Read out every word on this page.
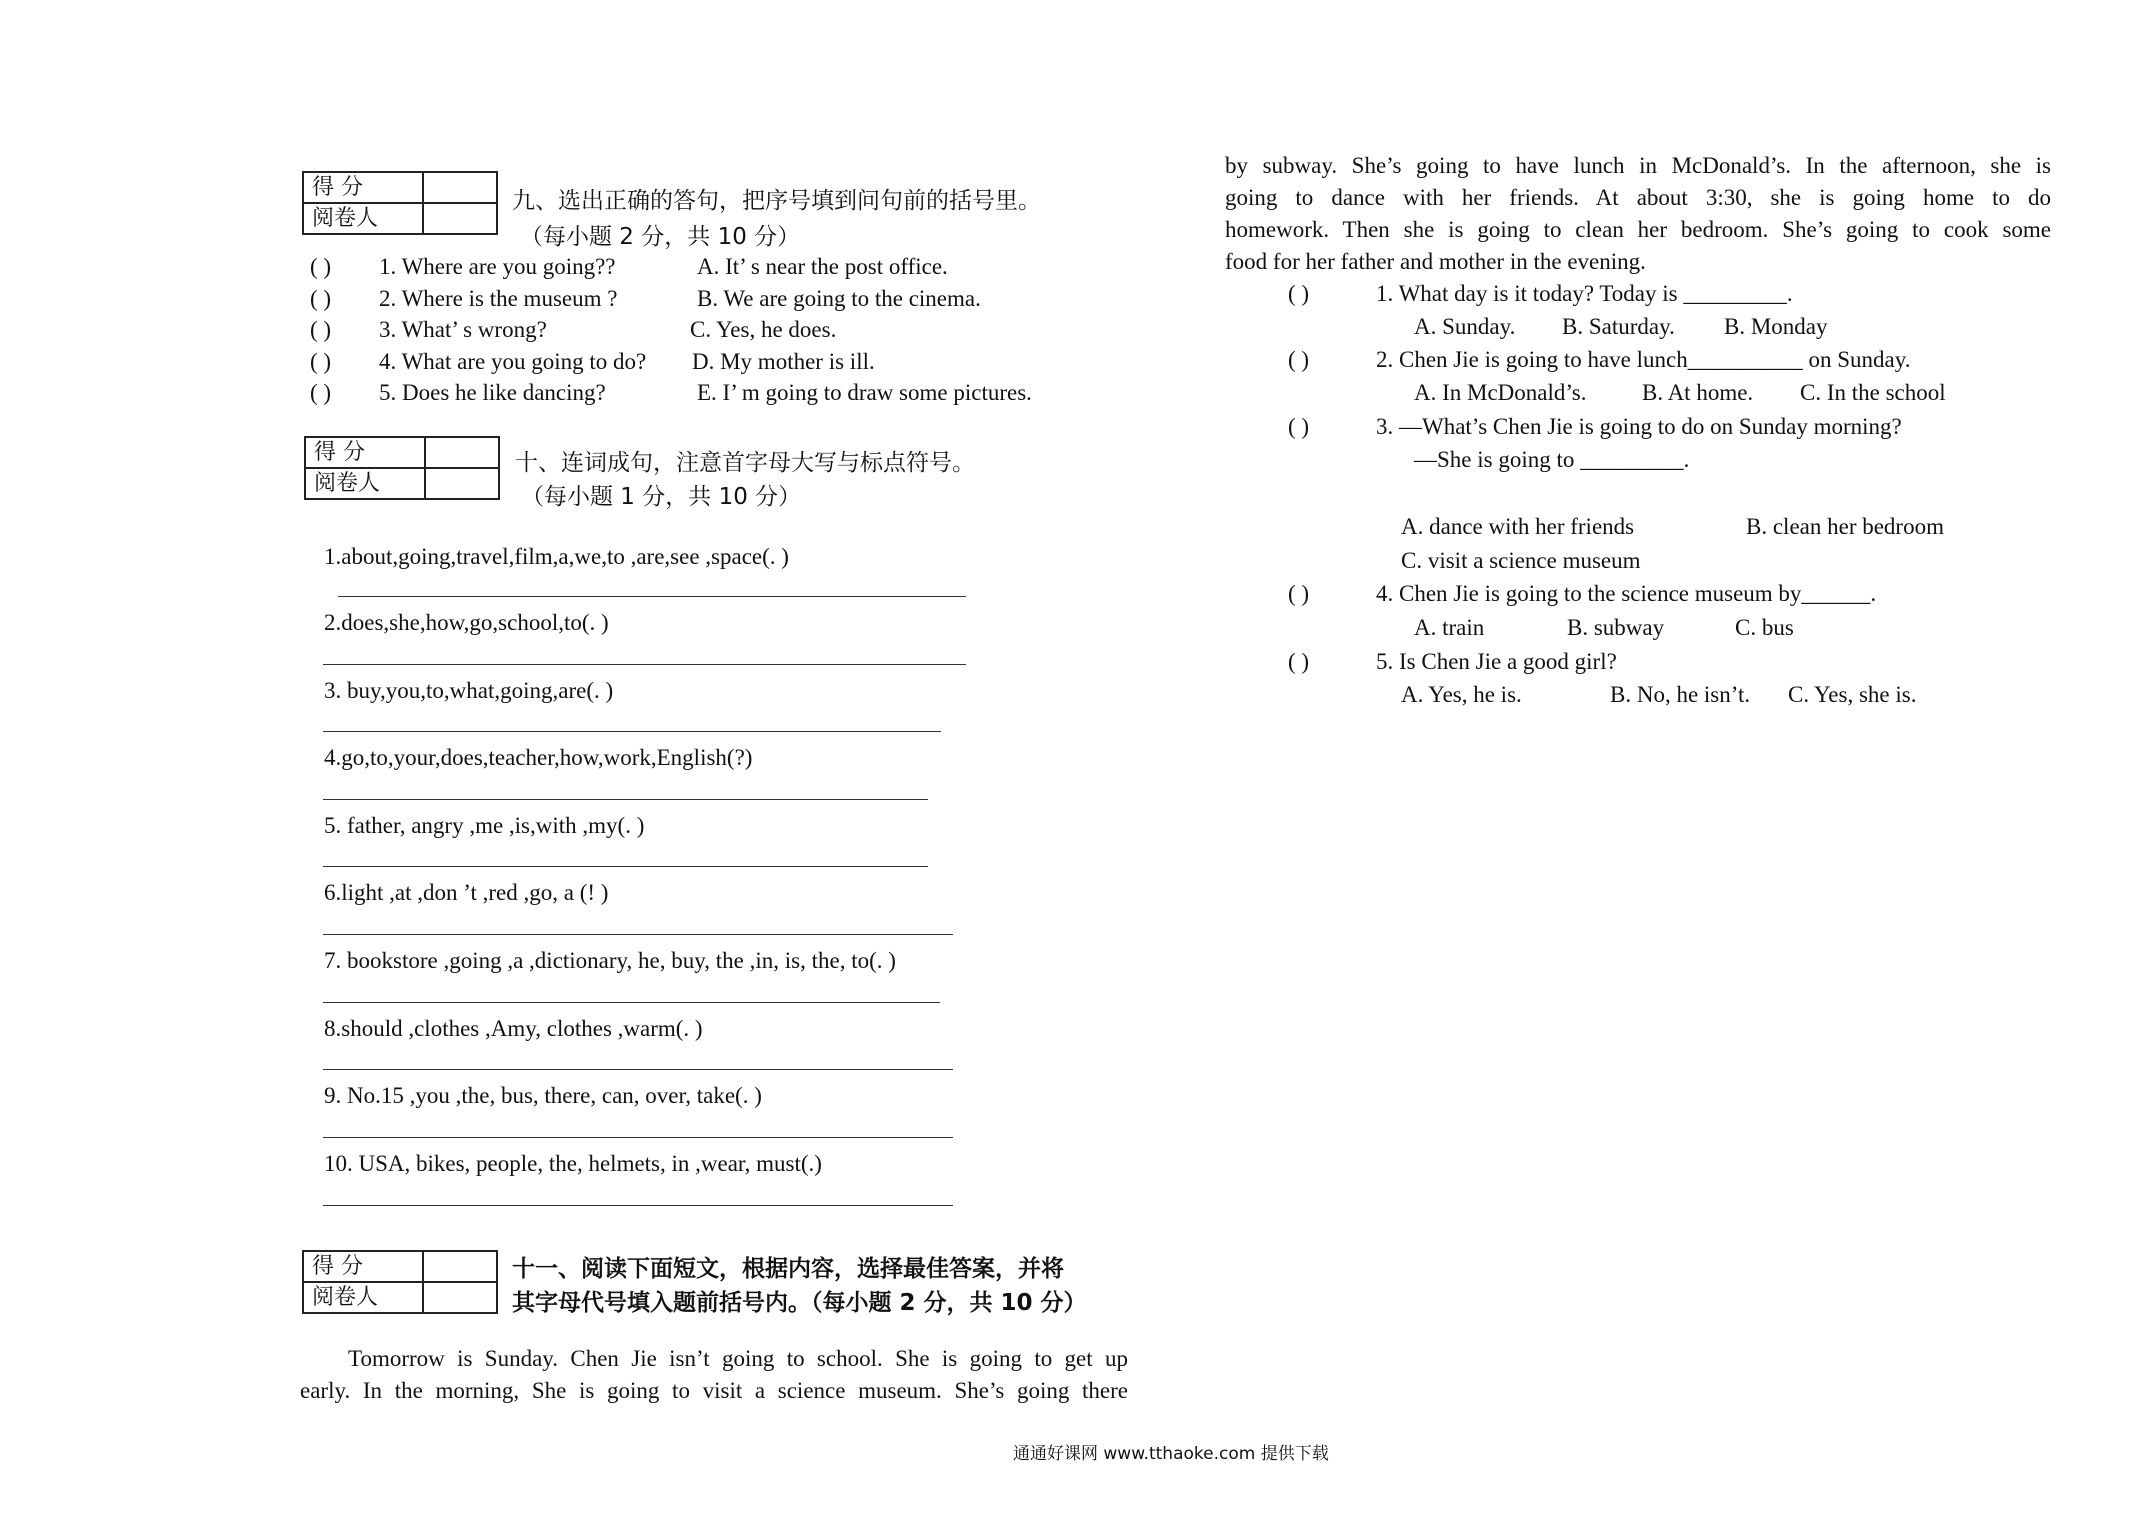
得 分	
阅卷人	
九、选出正确的答句，把序号填到问句前的括号里。
（每小题 2 分，共 10 分）
( ) 1. Where are you going??	A. It’ s near the post office.
( ) 2. Where is the museum ?	B. We are going to the cinema.
( ) 3. What’ s wrong?	C. Yes, he does.
( ) 4. What are you going to do? D. My mother is ill.
( ) 5. Does he like dancing?	E. I’ m going to draw some pictures.
得 分	
阅卷人	
十、连词成句，注意首字母大写与标点符号。
（每小题 1 分，共 10 分）
1.about,going,travel,film,a,we,to ,are,see ,space(. )
2.does,she,how,go,school,to(. )
3. buy,you,to,what,going,are(. )
4.go,to,your,does,teacher,how,work,English(?)
5. father, angry ,me ,is,with ,my(. )
6.light ,at ,don ’t ,red ,go, a (! )
7. bookstore ,going ,a ,dictionary, he, buy, the ,in, is, the, to(. )
8.should ,clothes ,Amy, clothes ,warm(. )
9. No.15 ,you ,the, bus, there, can, over, take(. )
10. USA, bikes, people, the, helmets, in ,wear, must(.)
得 分	
阅卷人	
十一、阅读下面短文，根据内容，选择最佳答案，并将
其字母代号填入题前括号内。（每小题 2 分，共 10 分）
Tomorrow is Sunday. Chen Jie isn’t going to school. She is going to get up
early. In the morning, She is going to visit a science museum. She’s going there
by subway. She’s going to have lunch in McDonald’s. In the afternoon, she is
going to dance with her friends. At about 3:30, she is going home to do
homework. Then she is going to clean her bedroom. She’s going to cook some
food for her father and mother in the evening.
( )	1. What day is it today? Today is _________.
A. Sunday. B. Saturday. B. Monday
( )	2. Chen Jie is going to have lunch__________ on Sunday.
A. In McDonald’s. B. At home. C. In the school
( )	3. —What’s Chen Jie is going to do on Sunday morning?
—She is going to _________.
A. dance with her friends	B. clean her bedroom
C. visit a science museum
( )	4. Chen Jie is going to the science museum by______.
A. train	B. subway	C. bus
( )	5. Is Chen Jie a good girl?
A. Yes, he is.	B. No, he isn’t. C. Yes, she is.
通通好课网 www.tthaoke.com 提供下载
